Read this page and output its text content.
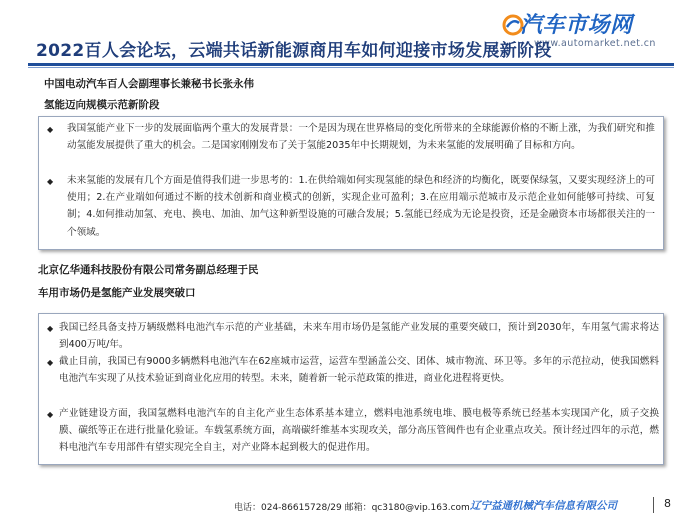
汽车市场网
www.automarket.net.cn
2022百人会论坛，云端共话新能源商用车如何迎接市场发展新阶段
中国电动汽车百人会副理事长兼秘书长张永伟
氢能迈向规模示范新阶段
◆ 我国氢能产业下一步的发展面临两个重大的发展背景：一个是因为现在世界格局的变化所带来的全球能源价格的不断上涨，为我们研究和推动氢能发展提供了重大的机会。二是国家刚刚发布了关于氢能2035年中长期规划，为未来氢能的发展明确了目标和方向。
◆ 未来氢能的发展有几个方面是值得我们进一步思考的：1.在供给端如何实现氢能的绿色和经济的均衡化，既要保绿氢，又要实现经济上的可使用；2.在产业端如何通过不断的技术创新和商业模式的创新，实现企业可盈利；3.在应用端示范城市及示范企业如何能够可持续、可复制；4.如何推动加氢、充电、换电、加油、加气这种新型设施的可融合发展；5.氢能已经成为无论是投资，还是金融资本市场都很关注的一个领域。
北京亿华通科技股份有限公司常务副总经理于民
车用市场仍是氢能产业发展突破口
◆ 我国已经具备支持万辆级燃料电池汽车示范的产业基础，未来车用市场仍是氢能产业发展的重要突破口，预计到2030年，车用氢气需求将达到400万吨/年。
◆ 截止目前，我国已有9000多辆燃料电池汽车在62座城市运营，运营车型涵盖公交、团体、城市物流、环卫等。多年的示范拉动，使我国燃料电池汽车实现了从技术验证到商业化应用的转型。未来，随着新一轮示范政策的推进，商业化进程将更快。
◆ 产业链建设方面，我国氢燃料电池汽车的自主化产业生态体系基本建立，燃料电池系统电堆、膜电极等系统已经基本实现国产化，质子交换膜、碳纸等正在进行批量化验证。车载氢系统方面，高端碳纤维基本实现攻关，部分高压管阀件也有企业重点攻关。预计经过四年的示范，燃料电池汽车专用部件有望实现完全自主，对产业降本起到极大的促进作用。
电话：024-86615728/29 邮箱：qc3180@vip.163.com 辽宁益通机械汽车信息有限公司	8
